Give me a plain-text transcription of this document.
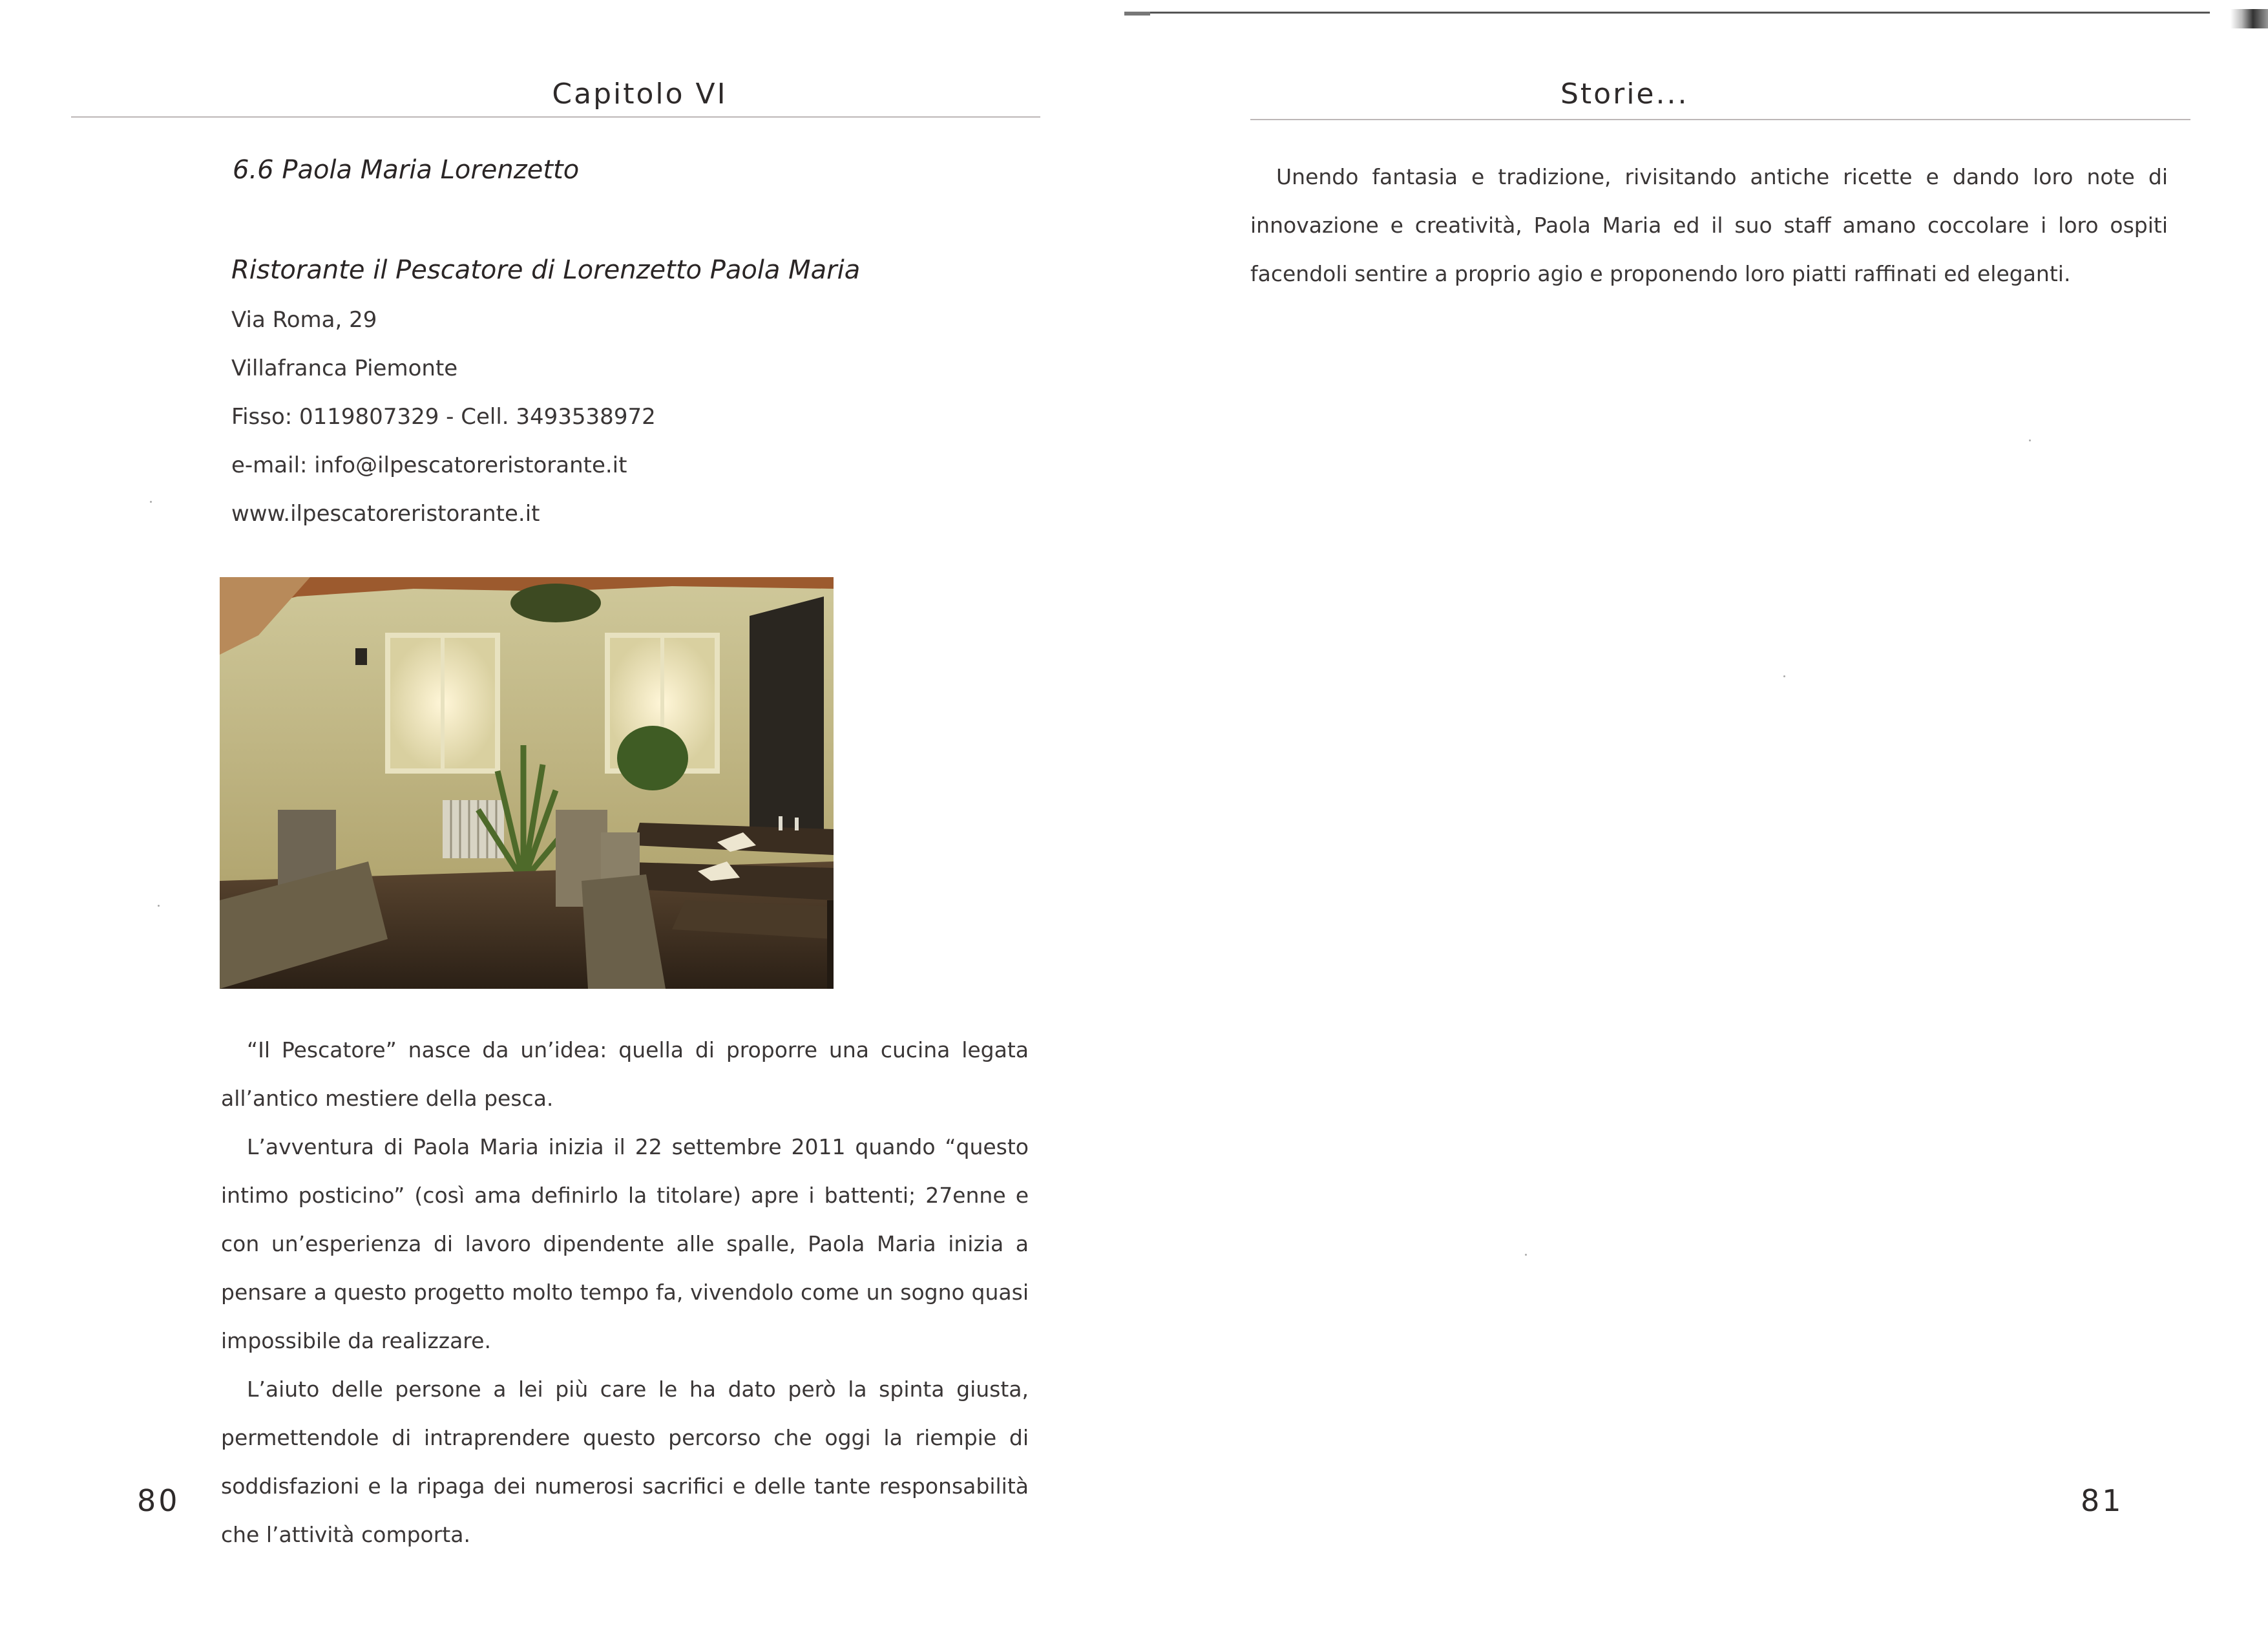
Capitolo VI
6.6 Paola Maria Lorenzetto
Ristorante il Pescatore di Lorenzetto Paola Maria
Via Roma, 29
Villafranca Piemonte
Fisso: 0119807329 - Cell. 3493538972
e-mail: info@ilpescatoreristorante.it
www.ilpescatoreristorante.it

“Il Pescatore” nasce da un’idea: quella di proporre una cucina legata all’antico mestiere della pesca.

L’avventura di Paola Maria inizia il 22 settembre 2011 quando “questo intimo posticino” (così ama definirlo la titolare) apre i battenti; 27enne e con un’esperienza di lavoro dipendente alle spalle, Paola Maria inizia a pensare a questo progetto molto tempo fa, vivendolo come un sogno quasi impossibile da realizzare.

L’aiuto delle persone a lei più care le ha dato però la spinta giusta, permettendole di intraprendere questo percorso che oggi la riempie di soddisfazioni e la ripaga dei numerosi sacrifici e delle tante responsabilità che l’attività comporta.

80
Storie...

Unendo fantasia e tradizione, rivisitando antiche ricette e dando loro note di innovazione e creatività, Paola Maria ed il suo staff amano coccolare i loro ospiti facendoli sentire a proprio agio e proponendo loro piatti raffinati ed eleganti.

81
